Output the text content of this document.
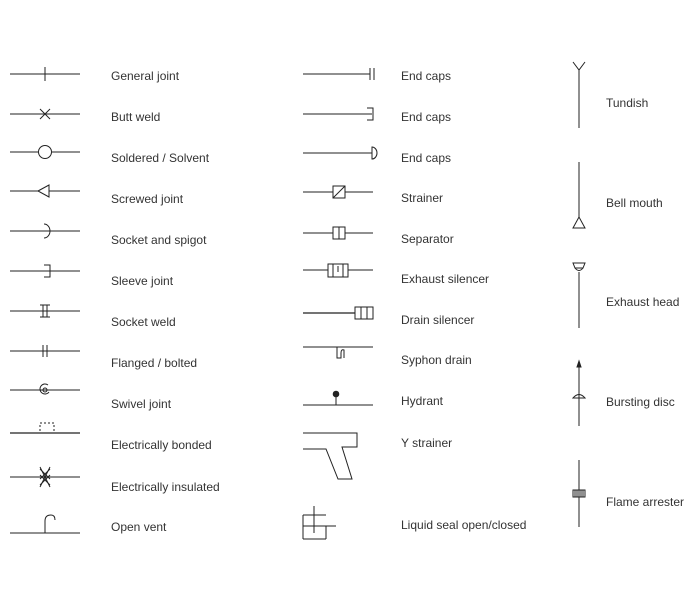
General joint
Butt weld
Soldered / Solvent
Screwed joint
Socket and spigot
Sleeve joint
Socket weld
Flanged / bolted
Swivel joint
Electrically bonded
Electrically insulated
Open vent
End caps
End caps
End caps
Strainer
Separator
Exhaust silencer
Drain silencer
Syphon drain
Hydrant
Y strainer
Liquid seal open/closed
Tundish
Bell mouth
Exhaust head
Bursting disc
Flame arrester
